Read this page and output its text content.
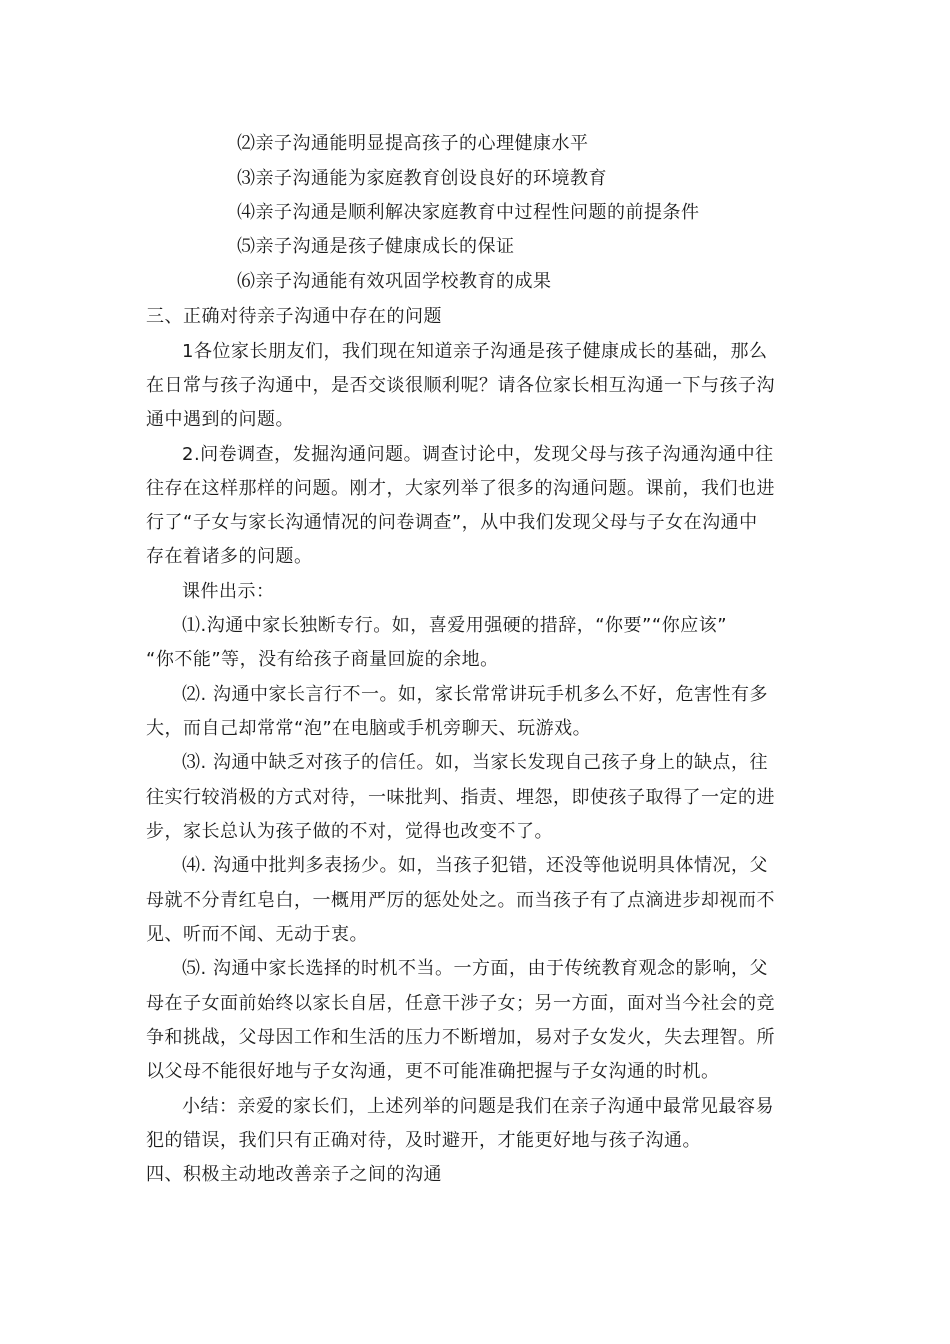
⑵亲子沟通能明显提高孩子的心理健康水平
⑶亲子沟通能为家庭教育创设良好的环境教育
⑷亲子沟通是顺利解决家庭教育中过程性问题的前提条件
⑸亲子沟通是孩子健康成长的保证
⑹亲子沟通能有效巩固学校教育的成果
三、正确对待亲子沟通中存在的问题
1各位家长朋友们，我们现在知道亲子沟通是孩子健康成长的基础，那么
在日常与孩子沟通中，是否交谈很顺利呢？请各位家长相互沟通一下与孩子沟
通中遇到的问题。
2.问卷调查，发掘沟通问题。调查讨论中，发现父母与孩子沟通沟通中往
往存在这样那样的问题。刚才，大家列举了很多的沟通问题。课前，我们也进
行了“子女与家长沟通情况的问卷调查”，从中我们发现父母与子女在沟通中
存在着诸多的问题。
课件出示：
⑴.沟通中家长独断专行。如，喜爱用强硬的措辞，“你要”“你应该”
“你不能”等，没有给孩子商量回旋的余地。
⑵. 沟通中家长言行不一。如，家长常常讲玩手机多么不好，危害性有多
大，而自己却常常“泡”在电脑或手机旁聊天、玩游戏。
⑶. 沟通中缺乏对孩子的信任。如，当家长发现自己孩子身上的缺点，往
往实行较消极的方式对待，一味批判、指责、埋怨，即使孩子取得了一定的进
步，家长总认为孩子做的不对，觉得也改变不了。
⑷. 沟通中批判多表扬少。如，当孩子犯错，还没等他说明具体情况，父
母就不分青红皂白，一概用严厉的惩处处之。而当孩子有了点滴进步却视而不
见、听而不闻、无动于衷。
⑸. 沟通中家长选择的时机不当。一方面，由于传统教育观念的影响，父
母在子女面前始终以家长自居，任意干涉子女；另一方面，面对当今社会的竞
争和挑战，父母因工作和生活的压力不断增加，易对子女发火，失去理智。所
以父母不能很好地与子女沟通，更不可能准确把握与子女沟通的时机。
小结：亲爱的家长们，上述列举的问题是我们在亲子沟通中最常见最容易
犯的错误，我们只有正确对待，及时避开，才能更好地与孩子沟通。
四、积极主动地改善亲子之间的沟通
